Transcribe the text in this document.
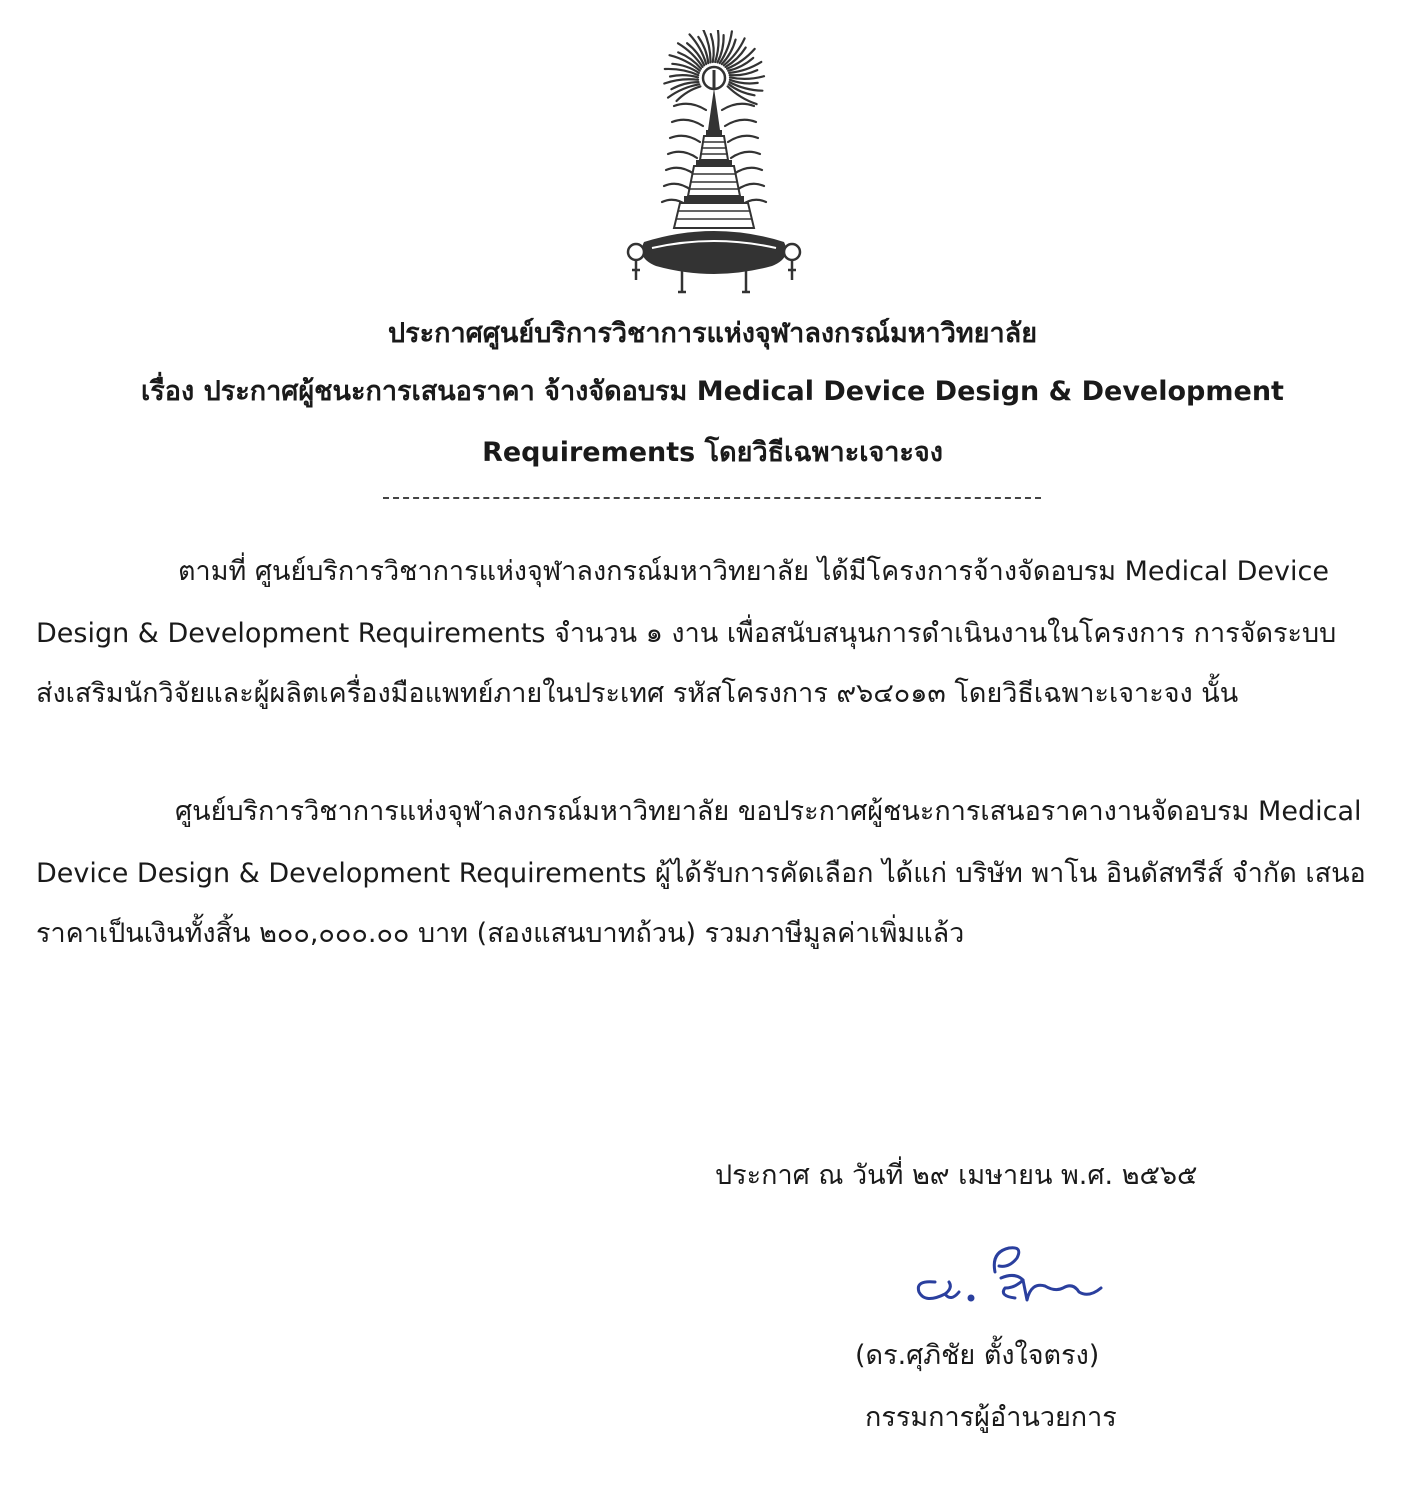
ประกาศศูนย์บริการวิชาการแห่งจุฬาลงกรณ์มหาวิทยาลัย
เรื่อง ประกาศผู้ชนะการเสนอราคา จ้างจัดอบรม Medical Device Design & Development
Requirements โดยวิธีเฉพาะเจาะจง
ตามที่ ศูนย์บริการวิชาการแห่งจุฬาลงกรณ์มหาวิทยาลัย ได้มีโครงการจ้างจัดอบรม Medical Device
Design & Development Requirements จำนวน ๑ งาน เพื่อสนับสนุนการดำเนินงานในโครงการ การจัดระบบ
ส่งเสริมนักวิจัยและผู้ผลิตเครื่องมือแพทย์ภายในประเทศ รหัสโครงการ ๙๖๔๐๑๓ โดยวิธีเฉพาะเจาะจง นั้น
ศูนย์บริการวิชาการแห่งจุฬาลงกรณ์มหาวิทยาลัย ขอประกาศผู้ชนะการเสนอราคางานจัดอบรม Medical
Device Design & Development Requirements ผู้ได้รับการคัดเลือก ได้แก่ บริษัท พาโน อินดัสทรีส์ จำกัด เสนอ
ราคาเป็นเงินทั้งสิ้น ๒๐๐,๐๐๐.๐๐ บาท (สองแสนบาทถ้วน) รวมภาษีมูลค่าเพิ่มแล้ว
ประกาศ ณ วันที่ ๒๙ เมษายน พ.ศ. ๒๕๖๕
(ดร.ศุภิชัย ตั้งใจตรง)
กรรมการผู้อำนวยการ
